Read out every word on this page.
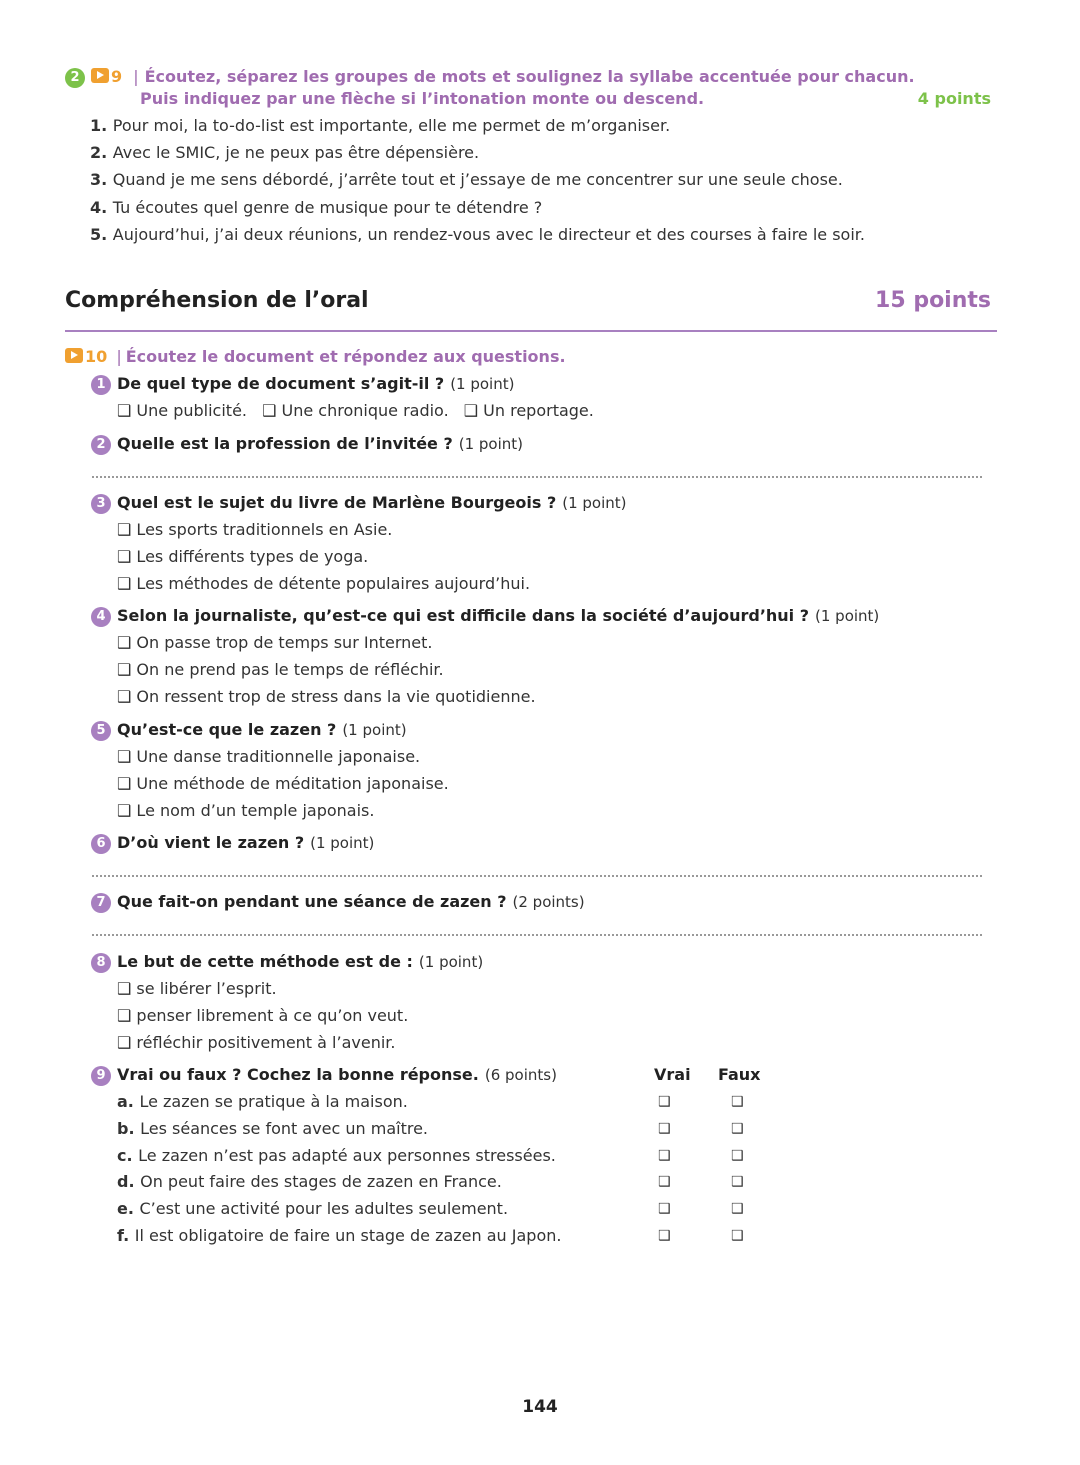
2 9 | Écoutez, séparez les groupes de mots et soulignez la syllabe accentuée pour chacun.
Puis indiquez par une flèche si l’intonation monte ou descend.	4 points
1. Pour moi, la to-do-list est importante, elle me permet de m’organiser.
2. Avec le SMIC, je ne peux pas être dépensière.
3. Quand je me sens débordé, j’arrête tout et j’essaye de me concentrer sur une seule chose.
4. Tu écoutes quel genre de musique pour te détendre ?
5. Aujourd’hui, j’ai deux réunions, un rendez-vous avec le directeur et des courses à faire le soir.
Compréhension de l’oral	15 points
10 | Écoutez le document et répondez aux questions.
1 De quel type de document s’agit-il ? (1 point)
❑ Une publicité. ❑ Une chronique radio. ❑ Un reportage.
2 Quelle est la profession de l’invitée ? (1 point)
3 Quel est le sujet du livre de Marlène Bourgeois ? (1 point)
❑ Les sports traditionnels en Asie.
❑ Les différents types de yoga.
❑ Les méthodes de détente populaires aujourd’hui.
4 Selon la journaliste, qu’est-ce qui est difficile dans la société d’aujourd’hui ? (1 point)
❑ On passe trop de temps sur Internet.
❑ On ne prend pas le temps de réfléchir.
❑ On ressent trop de stress dans la vie quotidienne.
5 Qu’est-ce que le zazen ? (1 point)
❑ Une danse traditionnelle japonaise.
❑ Une méthode de méditation japonaise.
❑ Le nom d’un temple japonais.
6 D’où vient le zazen ? (1 point)
7 Que fait-on pendant une séance de zazen ? (2 points)
8 Le but de cette méthode est de : (1 point)
❑ se libérer l’esprit.
❑ penser librement à ce qu’on veut.
❑ réfléchir positivement à l’avenir.
9 Vrai ou faux ? Cochez la bonne réponse. (6 points)	Vrai Faux
a. Le zazen se pratique à la maison.	❑	❑
b. Les séances se font avec un maître.	❑	❑
c. Le zazen n’est pas adapté aux personnes stressées.	❑	❑
d. On peut faire des stages de zazen en France.	❑	❑
e. C’est une activité pour les adultes seulement.	❑	❑
f. Il est obligatoire de faire un stage de zazen au Japon.	❑	❑
144
